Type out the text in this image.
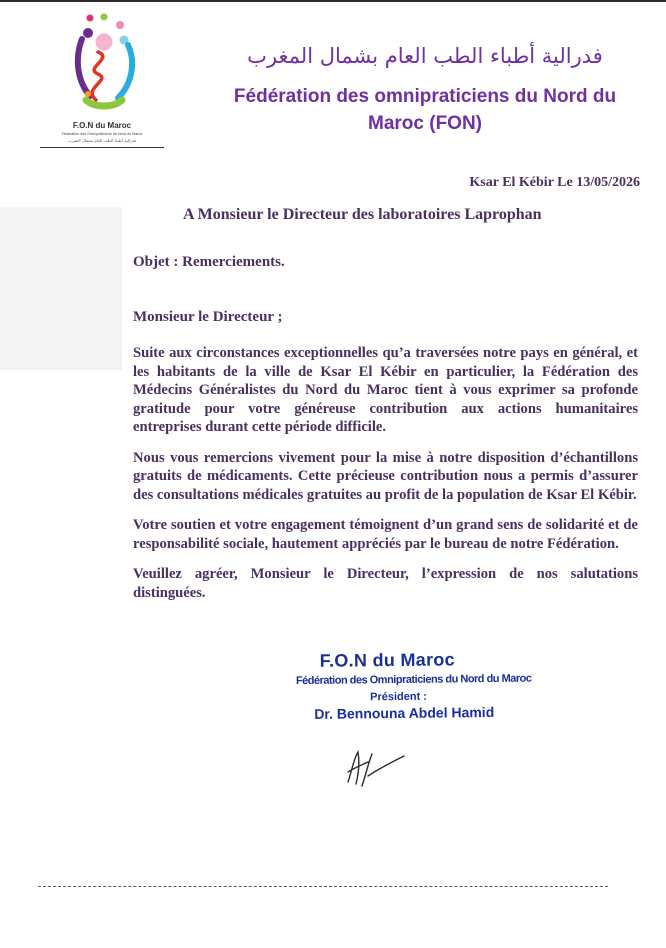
F.O.N du Maroc
Fédération des Omnipraticiens du Nord du Maroc
فدرالية أطباء الطب العام بشمال المغرب
فدرالية أطباء الطب العام بشمال المغرب
Fédération des omnipraticiens du Nord du Maroc (FON)
Ksar El Kébir Le 13/05/2026
A Monsieur le Directeur des laboratoires Laprophan
Objet : Remerciements.
Monsieur le Directeur ;

Suite aux circonstances exceptionnelles qu’a traversées notre pays en général, et les habitants de la ville de Ksar El Kébir en particulier, la Fédération des Médecins Généralistes du Nord du Maroc tient à vous exprimer sa profonde gratitude pour votre généreuse contribution aux actions humanitaires entreprises durant cette période difficile.

Nous vous remercions vivement pour la mise à notre disposition d’échantillons gratuits de médicaments. Cette précieuse contribution nous a permis d’assurer des consultations médicales gratuites au profit de la population de Ksar El Kébir.

Votre soutien et votre engagement témoignent d’un grand sens de solidarité et de responsabilité sociale, hautement appréciés par le bureau de notre Fédération.

Veuillez agréer, Monsieur le Directeur, l’expression de nos salutations distinguées.

F.O.N du Maroc
Fédération des Omnipraticiens du Nord du Maroc
Président :
Dr. Bennouna Abdel Hamid
